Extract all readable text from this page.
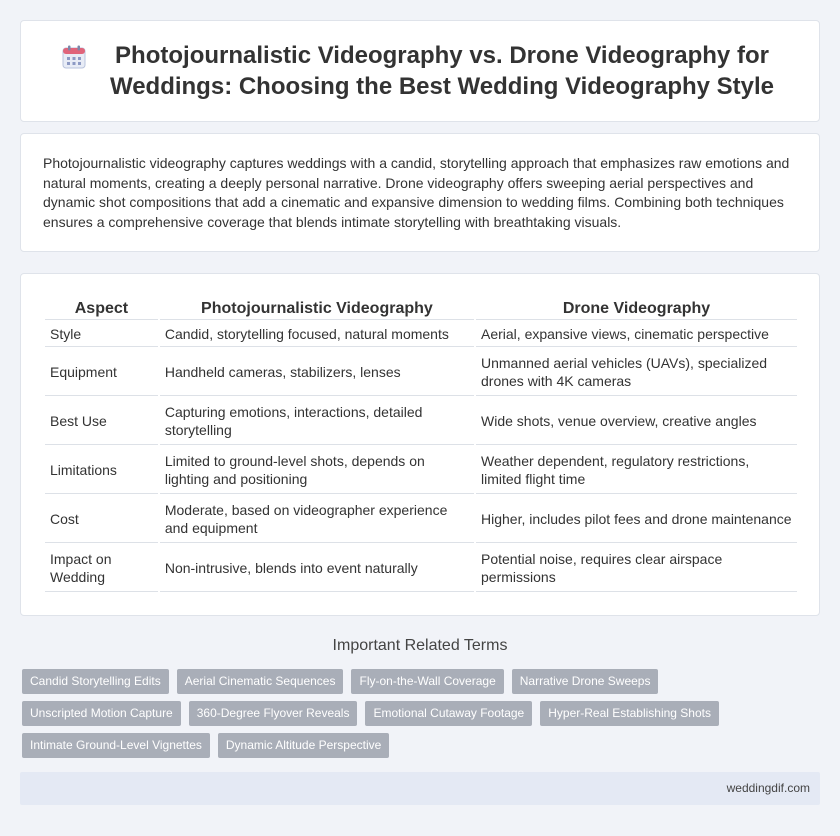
Photojournalistic Videography vs. Drone Videography for Weddings: Choosing the Best Wedding Videography Style

Photojournalistic videography captures weddings with a candid, storytelling approach that emphasizes raw emotions and natural moments, creating a deeply personal narrative. Drone videography offers sweeping aerial perspectives and dynamic shot compositions that add a cinematic and expansive dimension to wedding films. Combining both techniques ensures a comprehensive coverage that blends intimate storytelling with breathtaking visuals.

Aspect	Photojournalistic Videography	Drone Videography
Style	Candid, storytelling focused, natural moments	Aerial, expansive views, cinematic perspective
Equipment	Handheld cameras, stabilizers, lenses	Unmanned aerial vehicles (UAVs), specialized drones with 4K cameras
Best Use	Capturing emotions, interactions, detailed storytelling	Wide shots, venue overview, creative angles
Limitations	Limited to ground-level shots, depends on lighting and positioning	Weather dependent, regulatory restrictions, limited flight time
Cost	Moderate, based on videographer experience and equipment	Higher, includes pilot fees and drone maintenance
Impact on Wedding	Non-intrusive, blends into event naturally	Potential noise, requires clear airspace permissions
Important Related Terms
Candid Storytelling Edits	Aerial Cinematic Sequences	Fly-on-the-Wall Coverage	Narrative Drone Sweeps
Unscripted Motion Capture	360-Degree Flyover Reveals	Emotional Cutaway Footage	Hyper-Real Establishing Shots
Intimate Ground-Level Vignettes	Dynamic Altitude Perspective
weddingdif.com
